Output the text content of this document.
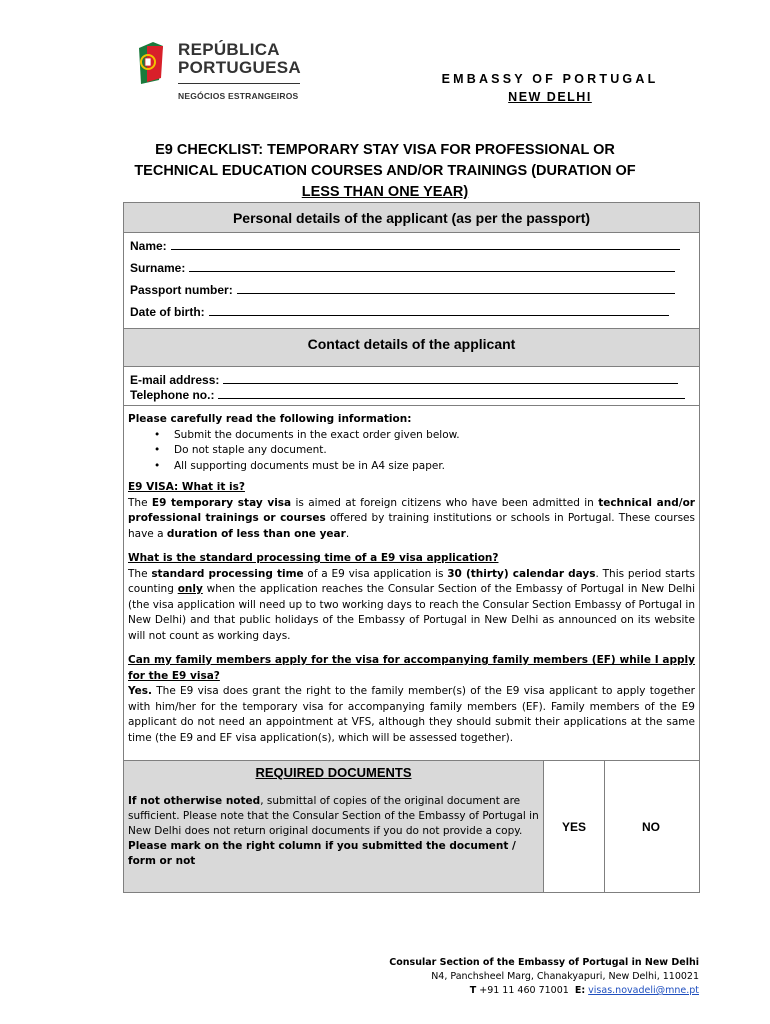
REPÚBLICA
PORTUGUESA
NEGÓCIOS ESTRANGEIROS
EMBASSY OF PORTUGAL
NEW DELHI
E9 CHECKLIST: TEMPORARY STAY VISA FOR PROFESSIONAL OR
TECHNICAL EDUCATION COURSES AND/OR TRAININGS (DURATION OF
LESS THAN ONE YEAR)
Personal details of the applicant (as per the passport)
Name:
Surname:
Passport number:
Date of birth:
Contact details of the applicant
E-mail address:
Telephone no.:
Please carefully read the following information:
• Submit the documents in the exact order given below.
• Do not staple any document.
• All supporting documents must be in A4 size paper.
E9 VISA: What it is?
The E9 temporary stay visa is aimed at foreign citizens who have been admitted in technical and/or professional trainings or courses offered by training institutions or schools in Portugal. These courses have a duration of less than one year.
What is the standard processing time of a E9 visa application?
The standard processing time of a E9 visa application is 30 (thirty) calendar days. This period starts counting only when the application reaches the Consular Section of the Embassy of Portugal in New Delhi (the visa application will need up to two working days to reach the Consular Section Embassy of Portugal in New Delhi) and that public holidays of the Embassy of Portugal in New Delhi as announced on its website will not count as working days.
Can my family members apply for the visa for accompanying family members (EF) while I apply for the E9 visa?
Yes. The E9 visa does grant the right to the family member(s) of the E9 visa applicant to apply together with him/her for the temporary visa for accompanying family members (EF). Family members of the E9 applicant do not need an appointment at VFS, although they should submit their applications at the same time (the E9 and EF visa application(s), which will be assessed together).
REQUIRED DOCUMENTS
If not otherwise noted, submittal of copies of the original document are sufficient. Please note that the Consular Section of the Embassy of Portugal in New Delhi does not return original documents if you do not provide a copy.
Please mark on the right column if you submitted the document / form or not
YES	NO
Consular Section of the Embassy of Portugal in New Delhi
N4, Panchsheel Marg, Chanakyapuri, New Delhi, 110021
T +91 11 460 71001 E: visas.novadeli@mne.pt
